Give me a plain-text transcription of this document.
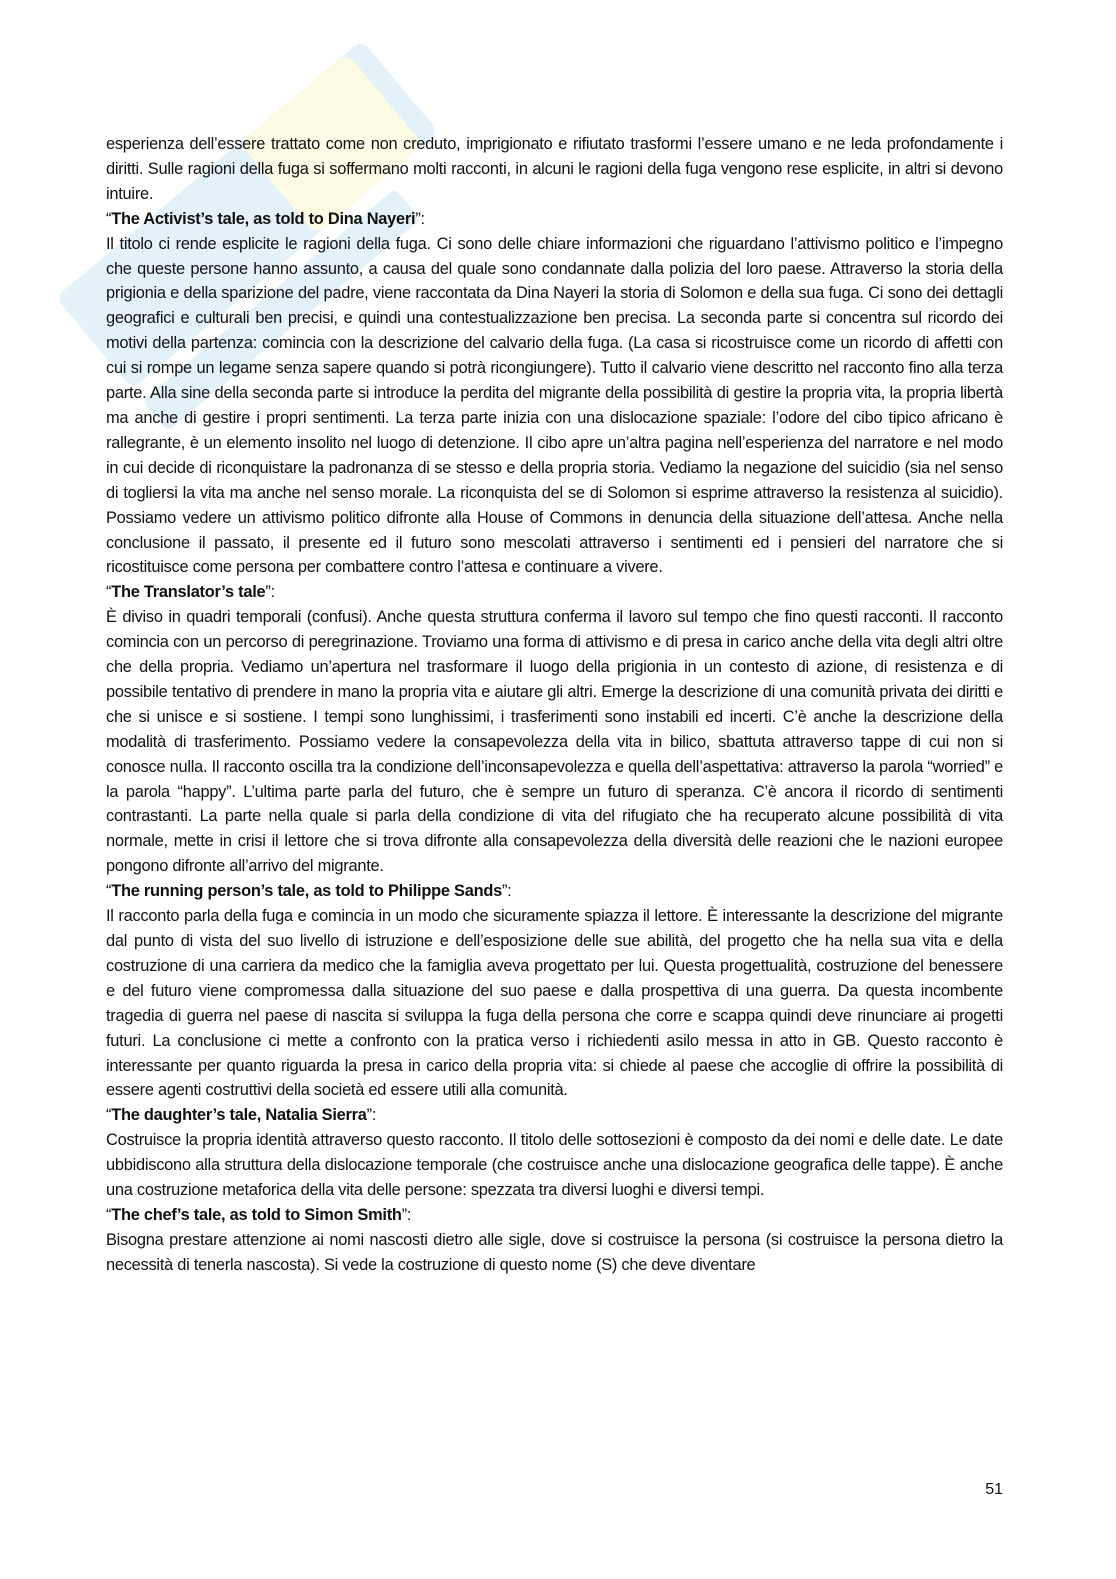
esperienza dell’essere trattato come non creduto, imprigionato e rifiutato trasformi l’essere umano e ne leda profondamente i diritti. Sulle ragioni della fuga si soffermano molti racconti, in alcuni le ragioni della fuga vengono rese esplicite, in altri si devono intuire.

“The Activist’s tale, as told to Dina Nayeri”:

Il titolo ci rende esplicite le ragioni della fuga. Ci sono delle chiare informazioni che riguardano l’attivismo politico e l’impegno che queste persone hanno assunto, a causa del quale sono condannate dalla polizia del loro paese. Attraverso la storia della prigionia e della sparizione del padre, viene raccontata da Dina Nayeri la storia di Solomon e della sua fuga. Ci sono dei dettagli geografici e culturali ben precisi, e quindi una contestualizzazione ben precisa. La seconda parte si concentra sul ricordo dei motivi della partenza: comincia con la descrizione del calvario della fuga. (La casa si ricostruisce come un ricordo di affetti con cui si rompe un legame senza sapere quando si potrà ricongiungere). Tutto il calvario viene descritto nel racconto fino alla terza parte. Alla sine della seconda parte si introduce la perdita del migrante della possibilità di gestire la propria vita, la propria libertà ma anche di gestire i propri sentimenti. La terza parte inizia con una dislocazione spaziale: l’odore del cibo tipico africano è rallegrante, è un elemento insolito nel luogo di detenzione. Il cibo apre un’altra pagina nell’esperienza del narratore e nel modo in cui decide di riconquistare la padronanza di se stesso e della propria storia. Vediamo la negazione del suicidio (sia nel senso di togliersi la vita ma anche nel senso morale. La riconquista del se di Solomon si esprime attraverso la resistenza al suicidio). Possiamo vedere un attivismo politico difronte alla House of Commons in denuncia della situazione dell’attesa. Anche nella conclusione il passato, il presente ed il futuro sono mescolati attraverso i sentimenti ed i pensieri del narratore che si ricostituisce come persona per combattere contro l’attesa e continuare a vivere.

“The Translator’s tale”:

È diviso in quadri temporali (confusi). Anche questa struttura conferma il lavoro sul tempo che fino questi racconti. Il racconto comincia con un percorso di peregrinazione. Troviamo una forma di attivismo e di presa in carico anche della vita degli altri oltre che della propria. Vediamo un’apertura nel trasformare il luogo della prigionia in un contesto di azione, di resistenza e di possibile tentativo di prendere in mano la propria vita e aiutare gli altri. Emerge la descrizione di una comunità privata dei diritti e che si unisce e si sostiene. I tempi sono lunghissimi, i trasferimenti sono instabili ed incerti. C’è anche la descrizione della modalità di trasferimento. Possiamo vedere la consapevolezza della vita in bilico, sbattuta attraverso tappe di cui non si conosce nulla. Il racconto oscilla tra la condizione dell’inconsapevolezza e quella dell’aspettativa: attraverso la parola “worried” e la parola “happy”. L’ultima parte parla del futuro, che è sempre un futuro di speranza. C’è ancora il ricordo di sentimenti contrastanti. La parte nella quale si parla della condizione di vita del rifugiato che ha recuperato alcune possibilità di vita normale, mette in crisi il lettore che si trova difronte alla consapevolezza della diversità delle reazioni che le nazioni europee pongono difronte all’arrivo del migrante.

“The running person’s tale, as told to Philippe Sands”:

Il racconto parla della fuga e comincia in un modo che sicuramente spiazza il lettore. È interessante la descrizione del migrante dal punto di vista del suo livello di istruzione e dell’esposizione delle sue abilità, del progetto che ha nella sua vita e della costruzione di una carriera da medico che la famiglia aveva progettato per lui. Questa progettualità, costruzione del benessere e del futuro viene compromessa dalla situazione del suo paese e dalla prospettiva di una guerra. Da questa incombente tragedia di guerra nel paese di nascita si sviluppa la fuga della persona che corre e scappa quindi deve rinunciare ai progetti futuri. La conclusione ci mette a confronto con la pratica verso i richiedenti asilo messa in atto in GB. Questo racconto è interessante per quanto riguarda la presa in carico della propria vita: si chiede al paese che accoglie di offrire la possibilità di essere agenti costruttivi della società ed essere utili alla comunità.

“The daughter’s tale, Natalia Sierra”:

Costruisce la propria identità attraverso questo racconto. Il titolo delle sottosezioni è composto da dei nomi e delle date. Le date ubbidiscono alla struttura della dislocazione temporale (che costruisce anche una dislocazione geografica delle tappe). È anche una costruzione metaforica della vita delle persone: spezzata tra diversi luoghi e diversi tempi.

“The chef’s tale, as told to Simon Smith”:

Bisogna prestare attenzione ai nomi nascosti dietro alle sigle, dove si costruisce la persona (si costruisce la persona dietro la necessità di tenerla nascosta). Si vede la costruzione di questo nome (S) che deve diventare

51
